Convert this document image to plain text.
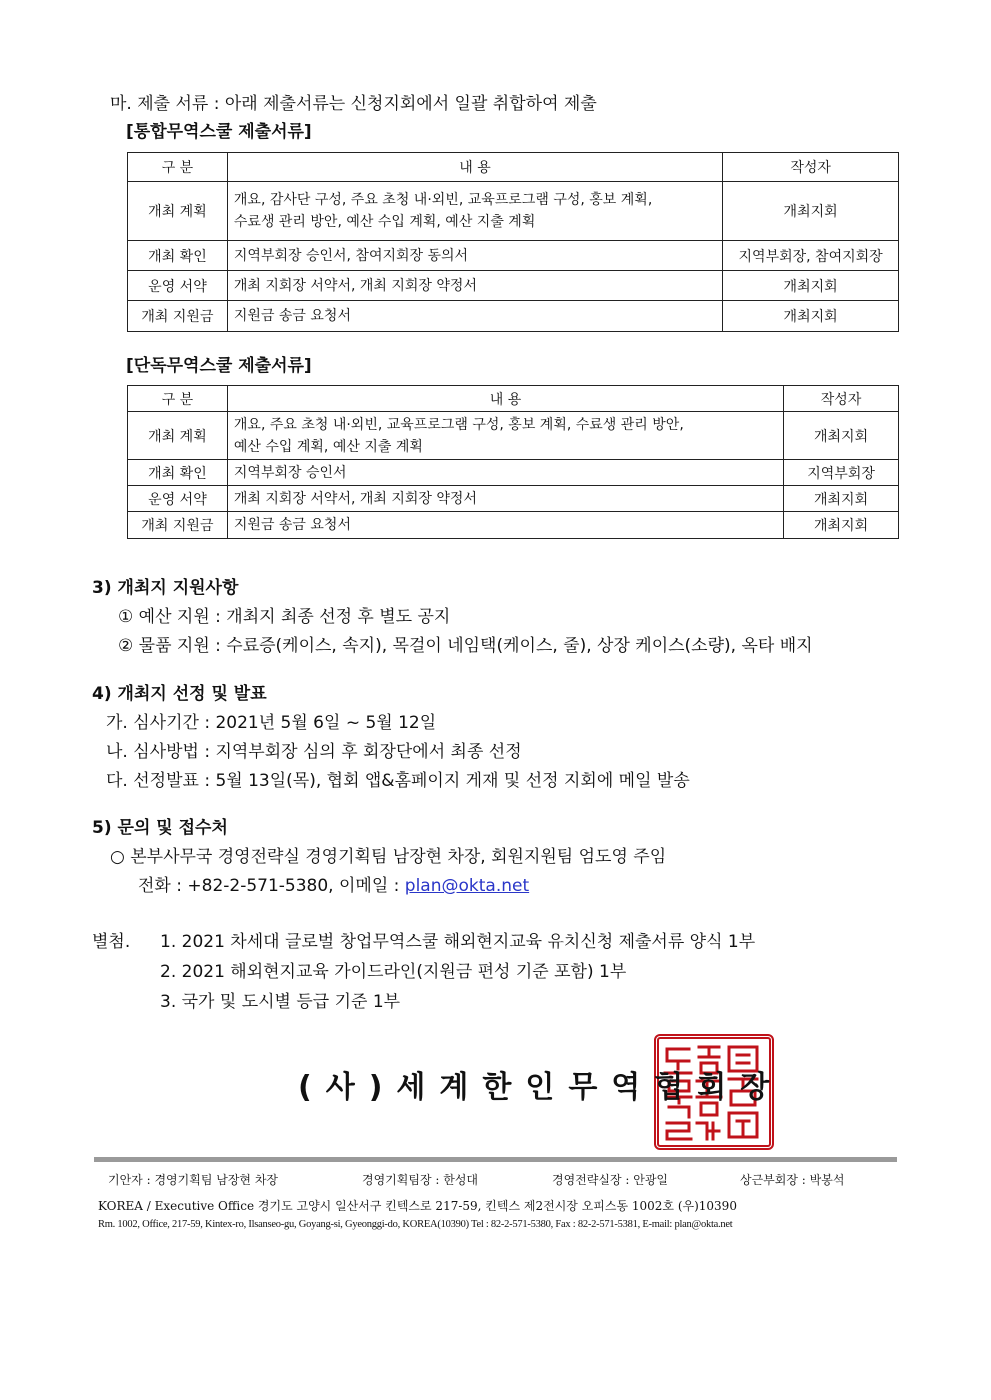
마. 제출 서류 : 아래 제출서류는 신청지회에서 일괄 취합하여 제출
[통합무역스쿨 제출서류]
구 분	내 용	작성자
개최 계획	개요, 감사단 구성, 주요 초청 내·외빈, 교육프로그램 구성, 홍보 계획,
수료생 관리 방안, 예산 수입 계획, 예산 지출 계획	개최지회
개최 확인	지역부회장 승인서, 참여지회장 동의서	지역부회장, 참여지회장
운영 서약	개최 지회장 서약서, 개최 지회장 약정서	개최지회
개최 지원금	지원금 송금 요청서	개최지회
[단독무역스쿨 제출서류]
구 분	내 용	작성자
개최 계획	개요, 주요 초청 내·외빈, 교육프로그램 구성, 홍보 계획, 수료생 관리 방안,
예산 수입 계획, 예산 지출 계획	개최지회
개최 확인	지역부회장 승인서	지역부회장
운영 서약	개최 지회장 서약서, 개최 지회장 약정서	개최지회
개최 지원금	지원금 송금 요청서	개최지회
3) 개최지 지원사항
① 예산 지원 : 개최지 최종 선정 후 별도 공지
② 물품 지원 : 수료증(케이스, 속지), 목걸이 네임택(케이스, 줄), 상장 케이스(소량), 옥타 배지
4) 개최지 선정 및 발표
가. 심사기간 : 2021년 5월 6일 ~ 5월 12일
나. 심사방법 : 지역부회장 심의 후 회장단에서 최종 선정
다. 선정발표 : 5월 13일(목), 협회 앱&홈페이지 게재 및 선정 지회에 메일 발송
5) 문의 및 접수처
○ 본부사무국 경영전략실 경영기획팀 남장현 차장, 회원지원팀 엄도영 주임
전화 : +82-2-571-5380, 이메일 : plan@okta.net
별첨. 1. 2021 차세대 글로벌 창업무역스쿨 해외현지교육 유치신청 제출서류 양식 1부
2. 2021 해외현지교육 가이드라인(지원금 편성 기준 포함) 1부
3. 국가 및 도시별 등급 기준 1부
(사)세계한인무역협회장
기안자 : 경영기획팀 남장현 차장	경영기획팀장 : 한성대	경영전략실장 : 안광일	상근부회장 : 박봉석
KOREA / Executive Office 경기도 고양시 일산서구 킨텍스로 217-59, 킨텍스 제2전시장 오피스동 1002호 (우)10390
Rm. 1002, Office, 217-59, Kintex-ro, Ilsanseo-gu, Goyang-si, Gyeonggi-do, KOREA(10390) Tel : 82-2-571-5380, Fax : 82-2-571-5381, E-mail: plan@okta.net
